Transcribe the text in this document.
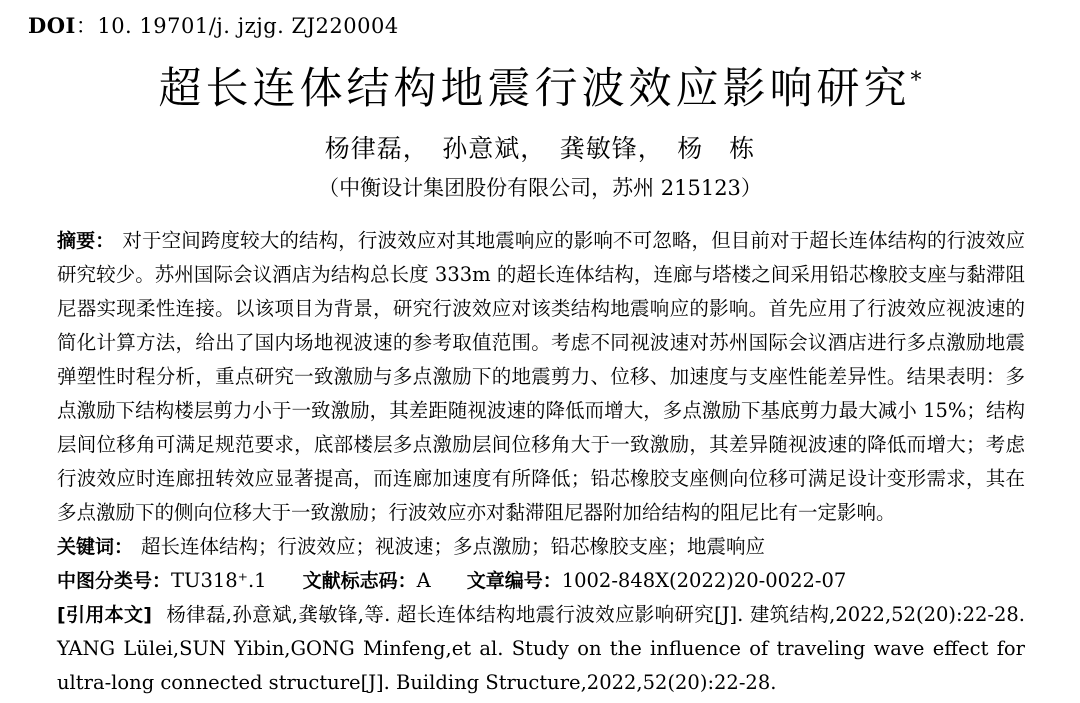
DOI：10. 19701/j. jzjg. ZJ220004

超长连体结构地震行波效应影响研究*

杨律磊，　孙意斌，　龚敏锋，　杨　栋

（中衡设计集团股份有限公司，苏州 215123）

摘要： 对于空间跨度较大的结构，行波效应对其地震响应的影响不可忽略，但目前对于超长连体结构的行波效应研究较少。苏州国际会议酒店为结构总长度 333m 的超长连体结构，连廊与塔楼之间采用铅芯橡胶支座与黏滞阻尼器实现柔性连接。以该项目为背景，研究行波效应对该类结构地震响应的影响。首先应用了行波效应视波速的简化计算方法，给出了国内场地视波速的参考取值范围。考虑不同视波速对苏州国际会议酒店进行多点激励地震弹塑性时程分析，重点研究一致激励与多点激励下的地震剪力、位移、加速度与支座性能差异性。结果表明：多点激励下结构楼层剪力小于一致激励，其差距随视波速的降低而增大，多点激励下基底剪力最大减小 15%；结构层间位移角可满足规范要求，底部楼层多点激励层间位移角大于一致激励，其差异随视波速的降低而增大；考虑行波效应时连廊扭转效应显著提高，而连廊加速度有所降低；铅芯橡胶支座侧向位移可满足设计变形需求，其在多点激励下的侧向位移大于一致激励；行波效应亦对黏滞阻尼器附加给结构的阻尼比有一定影响。

关键词： 超长连体结构；行波效应；视波速；多点激励；铅芯橡胶支座；地震响应

中图分类号：TU318⁺.1 文献标志码：A 文章编号：1002-848X(2022)20-0022-07

[引用本文] 杨律磊,孙意斌,龚敏锋,等. 超长连体结构地震行波效应影响研究[J]. 建筑结构,2022,52(20):22-28. YANG Lülei,SUN Yibin,GONG Minfeng,et al. Study on the influence of traveling wave effect for ultra-long connected structure[J]. Building Structure,2022,52(20):22-28.
